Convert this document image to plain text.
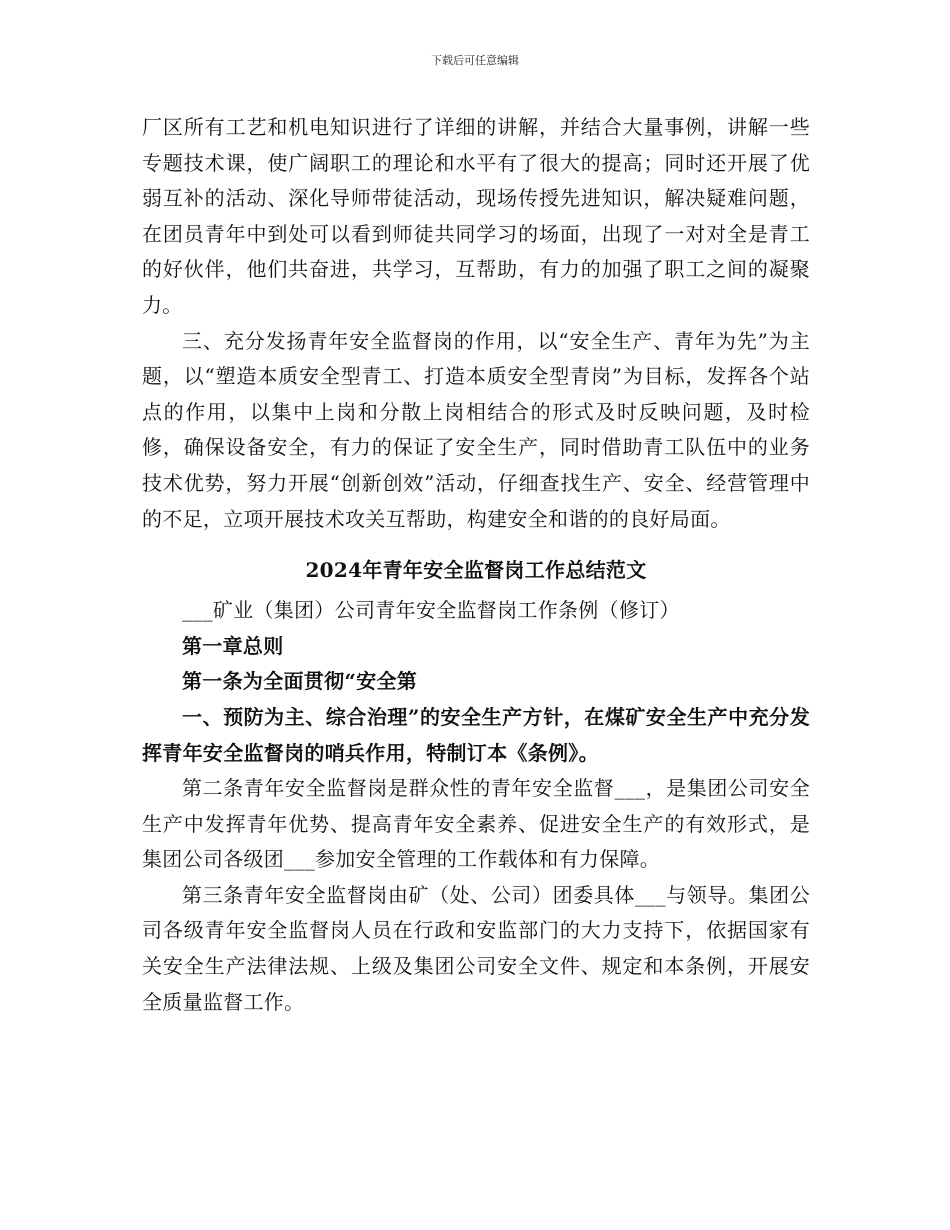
下载后可任意编辑

厂区所有工艺和机电知识进行了详细的讲解，并结合大量事例，讲解一些专题技术课，使广阔职工的理论和水平有了很大的提高；同时还开展了优弱互补的活动、深化导师带徒活动，现场传授先进知识，解决疑难问题，在团员青年中到处可以看到师徒共同学习的场面，出现了一对对全是青工的好伙伴，他们共奋进，共学习，互帮助，有力的加强了职工之间的凝聚力。

三、充分发扬青年安全监督岗的作用，以“安全生产、青年为先”为主题，以“塑造本质安全型青工、打造本质安全型青岗”为目标，发挥各个站点的作用，以集中上岗和分散上岗相结合的形式及时反映问题，及时检修，确保设备安全，有力的保证了安全生产，同时借助青工队伍中的业务技术优势，努力开展“创新创效”活动，仔细查找生产、安全、经营管理中的不足，立项开展技术攻关互帮助，构建安全和谐的的良好局面。

2024年青年安全监督岗工作总结范文

___矿业（集团）公司青年安全监督岗工作条例（修订）

第一章总则

第一条为全面贯彻“安全第

一、预防为主、综合治理”的安全生产方针，在煤矿安全生产中充分发挥青年安全监督岗的哨兵作用，特制订本《条例》。

第二条青年安全监督岗是群众性的青年安全监督___，是集团公司安全生产中发挥青年优势、提高青年安全素养、促进安全生产的有效形式，是集团公司各级团___参加安全管理的工作载体和有力保障。

第三条青年安全监督岗由矿（处、公司）团委具体___与领导。集团公司各级青年安全监督岗人员在行政和安监部门的大力支持下，依据国家有关安全生产法律法规、上级及集团公司安全文件、规定和本条例，开展安全质量监督工作。
